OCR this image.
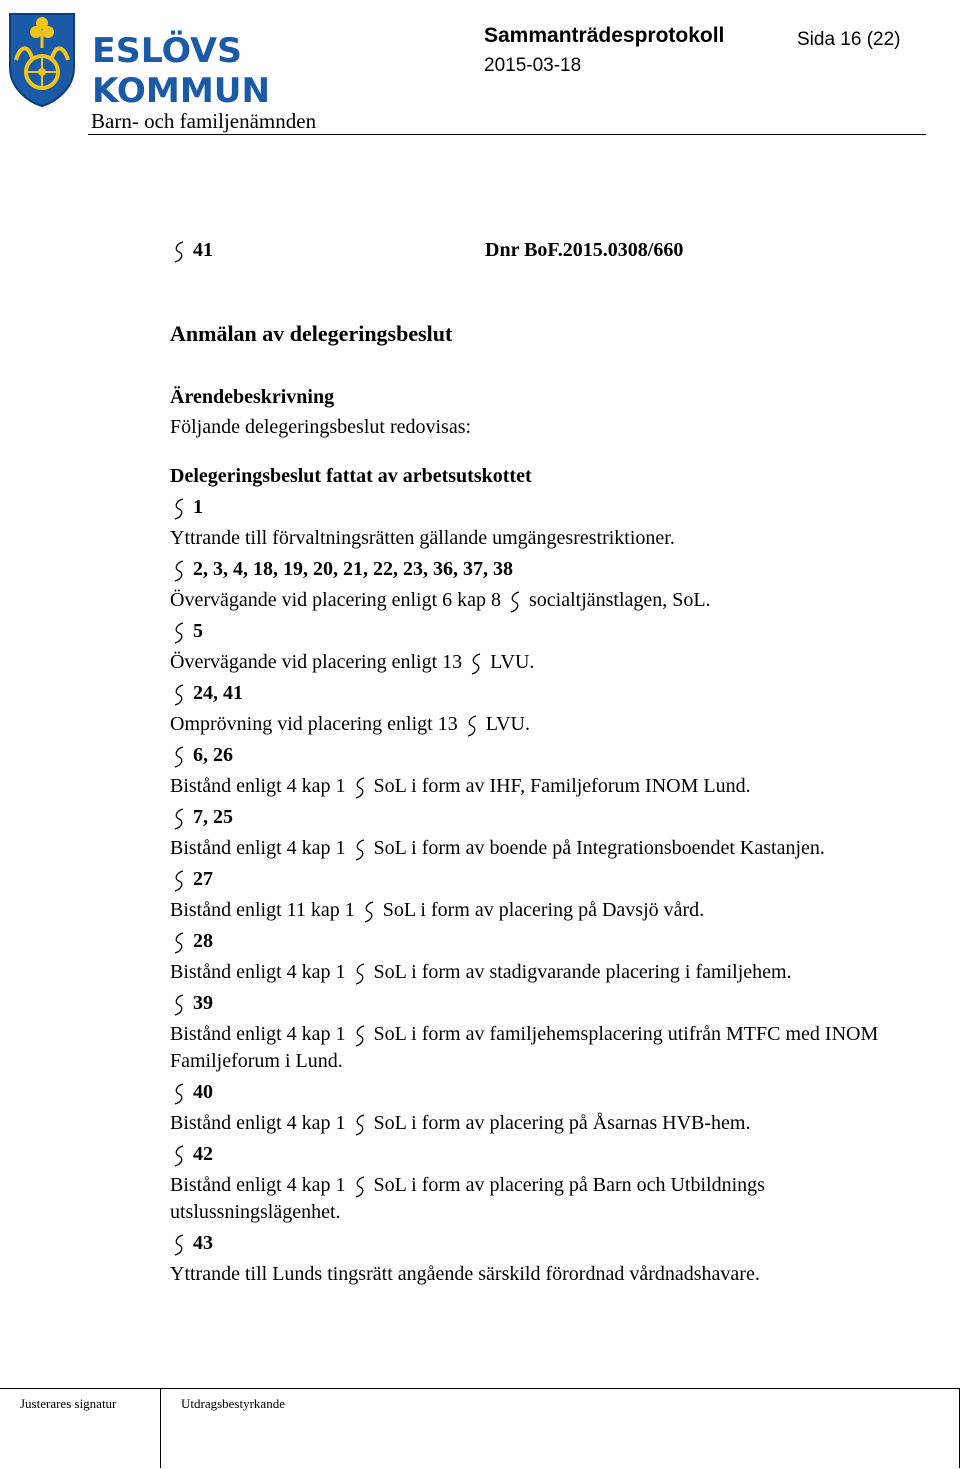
ESLÖVS
KOMMUN
Barn- och familjenämnden
Sammanträdesprotokoll	Sida 16 (22)
2015-03-18
41	Dnr BoF.2015.0308/660
Anmälan av delegeringsbeslut
Ärendebeskrivning
Följande delegeringsbeslut redovisas:
Delegeringsbeslut fattat av arbetsutskottet
1
Yttrande till förvaltningsrätten gällande umgängesrestriktioner.
2, 3, 4, 18, 19, 20, 21, 22, 23, 36, 37, 38
Övervägande vid placering enligt 6 kap 8 socialtjänstlagen, SoL.
5
Övervägande vid placering enligt 13 LVU.
24, 41
Omprövning vid placering enligt 13 LVU.
6, 26
Bistånd enligt 4 kap 1 SoL i form av IHF, Familjeforum INOM Lund.
7, 25
Bistånd enligt 4 kap 1 SoL i form av boende på Integrationsboendet Kastanjen.
27
Bistånd enligt 11 kap 1 SoL i form av placering på Davsjö vård.
28
Bistånd enligt 4 kap 1 SoL i form av stadigvarande placering i familjehem.
39
Bistånd enligt 4 kap 1 SoL i form av familjehemsplacering utifrån MTFC med INOM Familjeforum i Lund.
40
Bistånd enligt 4 kap 1 SoL i form av placering på Åsarnas HVB-hem.
42
Bistånd enligt 4 kap 1 SoL i form av placering på Barn och Utbildnings utslussningslägenhet.
43
Yttrande till Lunds tingsrätt angående särskild förordnad vårdnadshavare.
Justerares signatur	Utdragsbestyrkande
